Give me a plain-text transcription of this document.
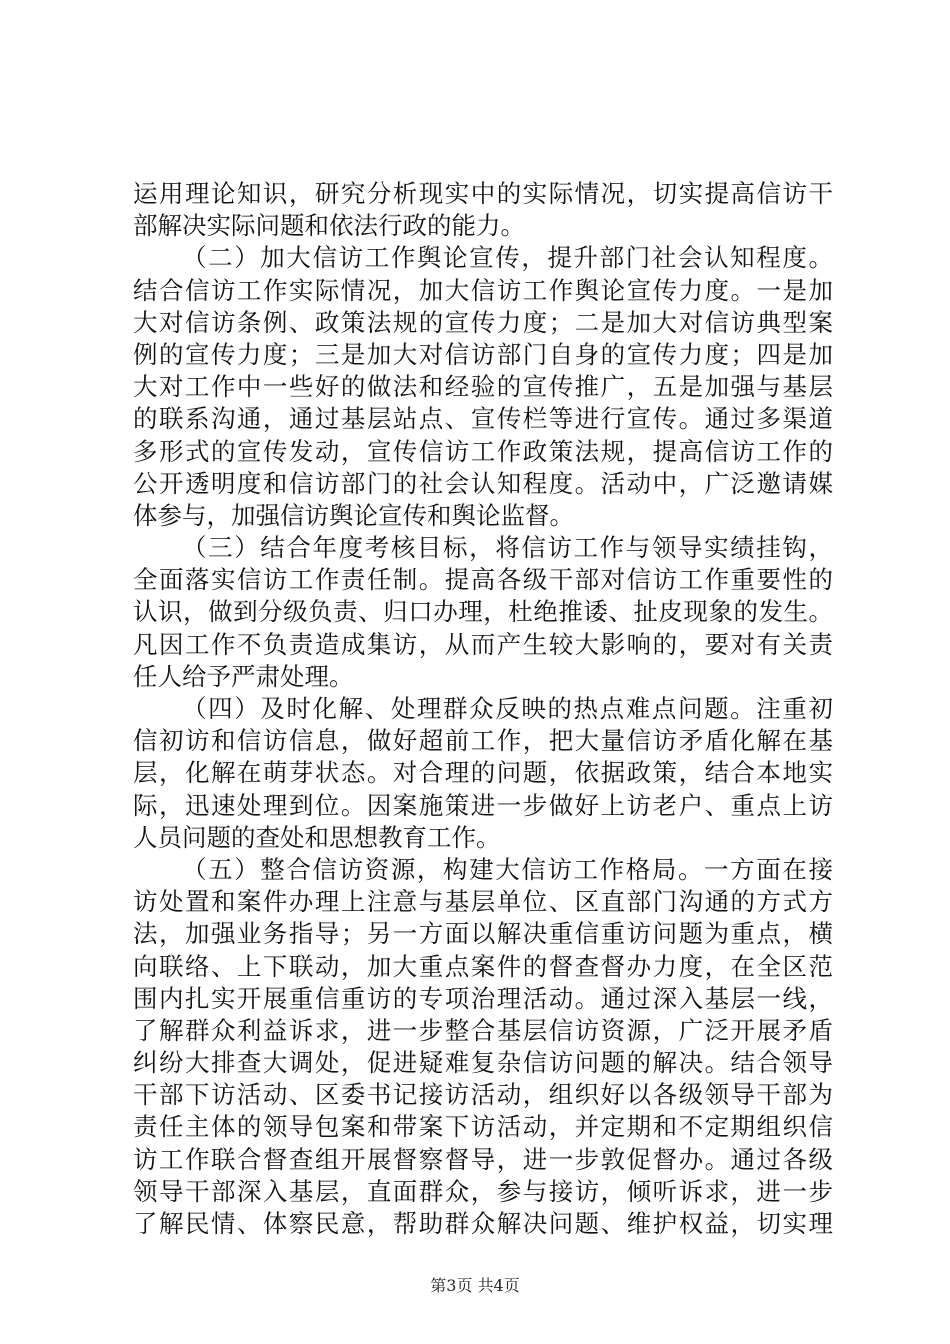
运用理论知识，研究分析现实中的实际情况，切实提高信访干
部解决实际问题和依法行政的能力。
（二）加大信访工作舆论宣传，提升部门社会认知程度。
结合信访工作实际情况，加大信访工作舆论宣传力度。一是加
大对信访条例、政策法规的宣传力度；二是加大对信访典型案
例的宣传力度；三是加大对信访部门自身的宣传力度；四是加
大对工作中一些好的做法和经验的宣传推广，五是加强与基层
的联系沟通，通过基层站点、宣传栏等进行宣传。通过多渠道
多形式的宣传发动，宣传信访工作政策法规，提高信访工作的
公开透明度和信访部门的社会认知程度。活动中，广泛邀请媒
体参与，加强信访舆论宣传和舆论监督。
（三）结合年度考核目标，将信访工作与领导实绩挂钩，
全面落实信访工作责任制。提高各级干部对信访工作重要性的
认识，做到分级负责、归口办理，杜绝推诿、扯皮现象的发生。
凡因工作不负责造成集访，从而产生较大影响的，要对有关责
任人给予严肃处理。
（四）及时化解、处理群众反映的热点难点问题。注重初
信初访和信访信息，做好超前工作，把大量信访矛盾化解在基
层，化解在萌芽状态。对合理的问题，依据政策，结合本地实
际，迅速处理到位。因案施策进一步做好上访老户、重点上访
人员问题的查处和思想教育工作。
（五）整合信访资源，构建大信访工作格局。一方面在接
访处置和案件办理上注意与基层单位、区直部门沟通的方式方
法，加强业务指导；另一方面以解决重信重访问题为重点，横
向联络、上下联动，加大重点案件的督查督办力度，在全区范
围内扎实开展重信重访的专项治理活动。通过深入基层一线，
了解群众利益诉求，进一步整合基层信访资源，广泛开展矛盾
纠纷大排查大调处，促进疑难复杂信访问题的解决。结合领导
干部下访活动、区委书记接访活动，组织好以各级领导干部为
责任主体的领导包案和带案下访活动，并定期和不定期组织信
访工作联合督查组开展督察督导，进一步敦促督办。通过各级
领导干部深入基层，直面群众，参与接访，倾听诉求，进一步
了解民情、体察民意，帮助群众解决问题、维护权益，切实理
第3页 共4页
